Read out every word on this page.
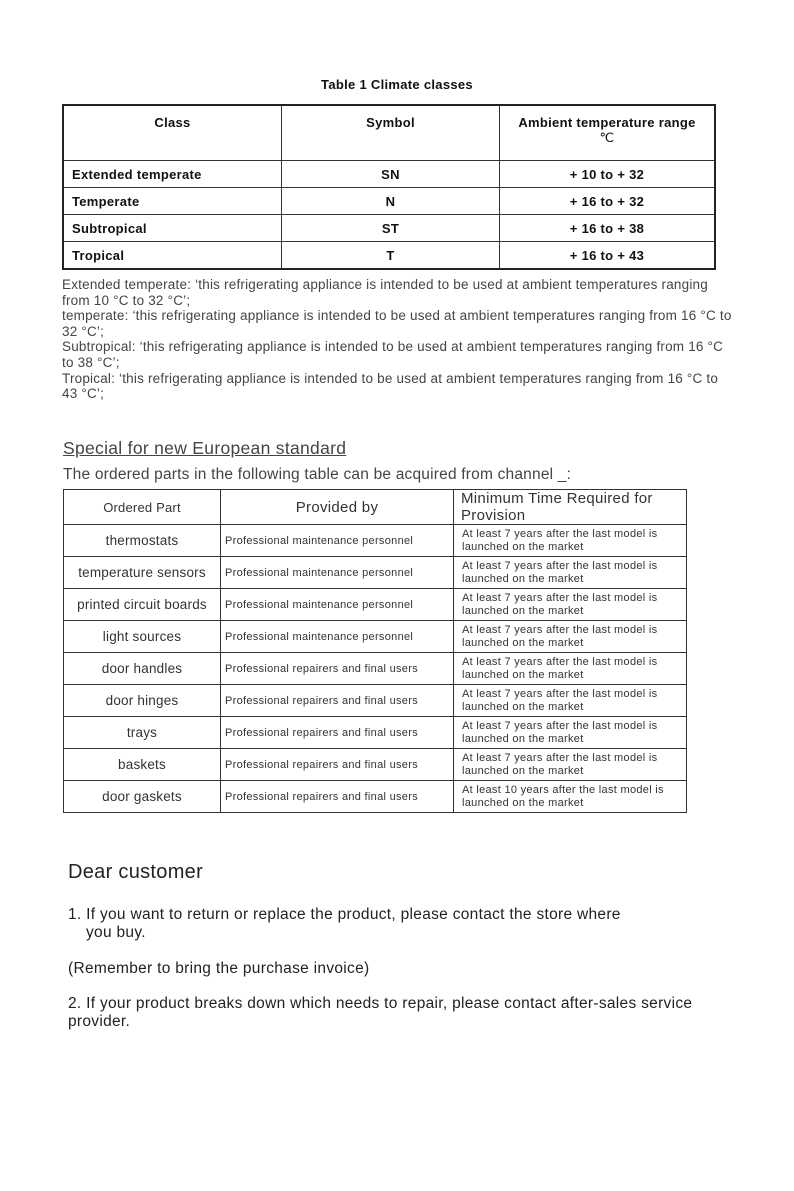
Table 1 Climate classes
Class	Symbol	Ambient temperature range
℃

Extended temperate	SN	+ 10 to + 32
Temperate	N	+ 16 to + 32
Subtropical	ST	+ 16 to + 38
Tropical	T	+ 16 to + 43

Extended temperate: ‘this refrigerating appliance is intended to be used at ambient temperatures ranging from 10 °C to 32 °C’;

temperate: ‘this refrigerating appliance is intended to be used at ambient temperatures ranging from 16 °C to 32 °C’;

Subtropical: ‘this refrigerating appliance is intended to be used at ambient temperatures ranging from 16 °C to 38 °C’;

Tropical: ‘this refrigerating appliance is intended to be used at ambient temperatures ranging from 16 °C to 43 °C’;

Special for new European standard
The ordered parts in the following table can be acquired from channel _:
Ordered Part	Provided by	Minimum Time Required for Provision
thermostats	Professional maintenance personnel	At least 7 years after the last model is launched on the market
temperature sensors	Professional maintenance personnel	At least 7 years after the last model is launched on the market
printed circuit boards	Professional maintenance personnel	At least 7 years after the last model is launched on the market
light sources	Professional maintenance personnel	At least 7 years after the last model is launched on the market
door handles	Professional repairers and final users	At least 7 years after the last model is launched on the market
door hinges	Professional repairers and final users	At least 7 years after the last model is launched on the market
trays	Professional repairers and final users	At least 7 years after the last model is launched on the market
baskets	Professional repairers and final users	At least 7 years after the last model is launched on the market
door gaskets	Professional repairers and final users	At least 10 years after the last model is launched on the market
Dear customer
1. If you want to return or replace the product, please contact the store where
you buy.
(Remember to bring the purchase invoice)
2. If your product breaks down which needs to repair, please contact after-sales service provider.
